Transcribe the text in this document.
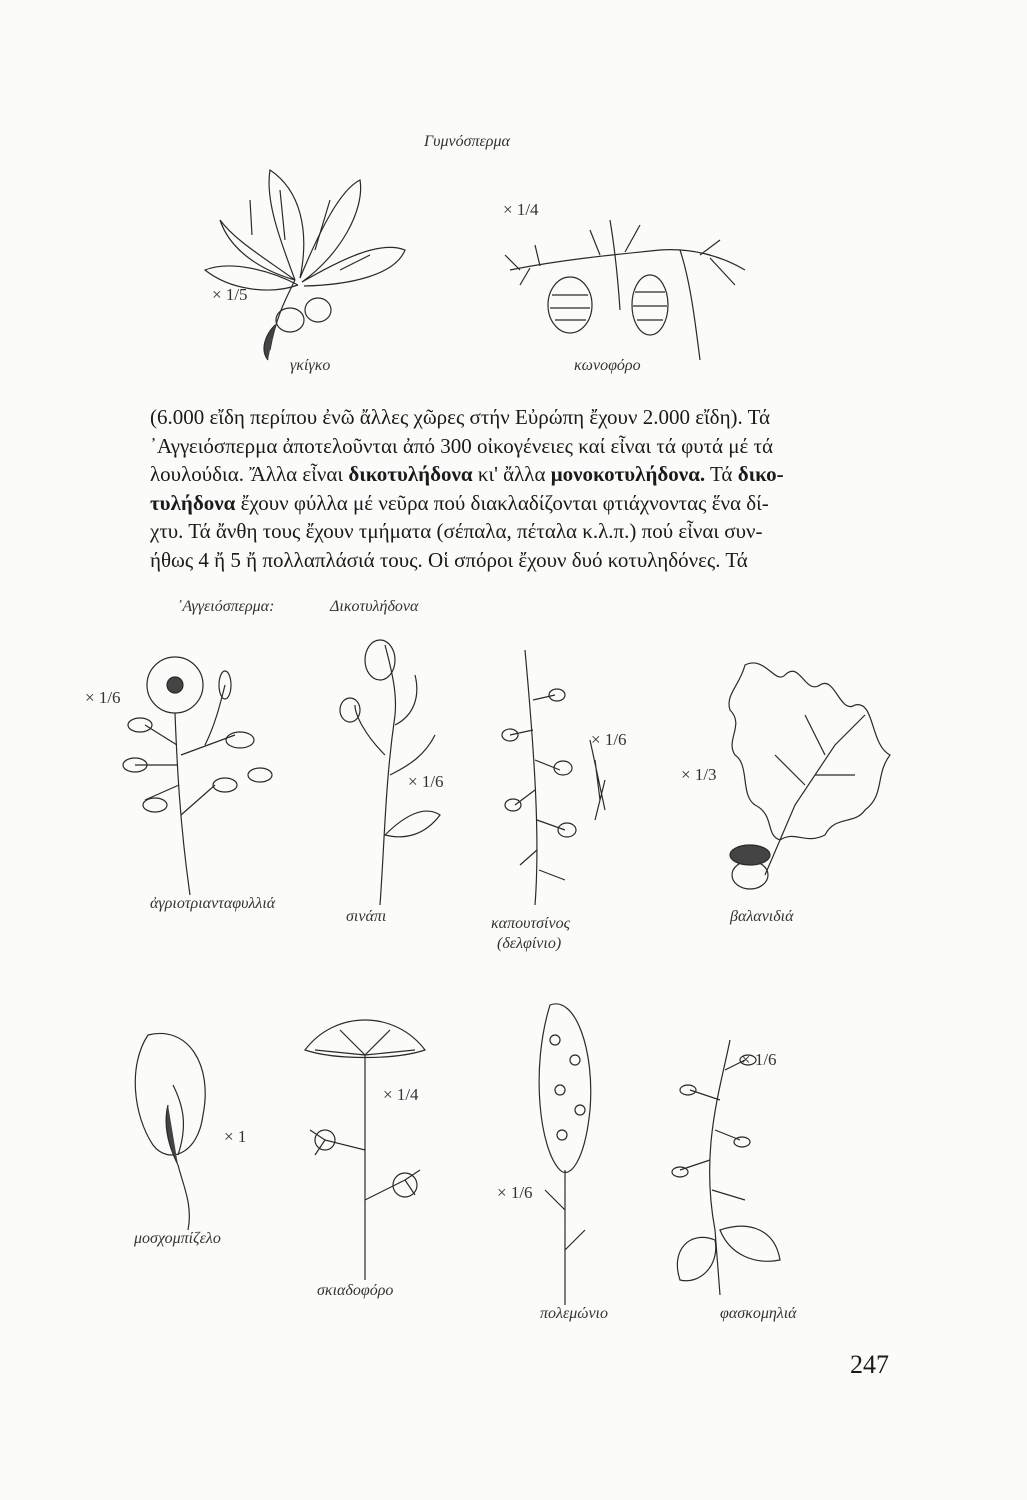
Γυμνόσπερμα
× 1/5
γκίγκο
× 1/4
κωνοφόρο
(6.000 εἴδη περίπου ἐνῶ ἄλλες χῶρες στήν Εὐρώπη ἔχουν 2.000 εἴδη). Τά
᾿Αγγειόσπερμα ἀποτελοῦνται ἀπό 300 οἰκογένειες καί εἶναι τά φυτά μέ τά
λουλούδια. Ἄλλα εἶναι δικοτυλήδονα κι' ἄλλα μονοκοτυλήδονα. Τά δικο-
τυλήδονα ἔχουν φύλλα μέ νεῦρα πού διακλαδίζονται φτιάχνοντας ἕνα δί-
χτυ. Τά ἄνθη τους ἔχουν τμήματα (σέπαλα, πέταλα κ.λ.π.) πού εἶναι συν-
ήθως 4 ἤ 5 ἤ πολλαπλάσιά τους. Οἱ σπόροι ἔχουν δυό κοτυληδόνες. Τά
᾿Αγγειόσπερμα:	Δικοτυλήδονα
× 1/6
ἀγριοτριανταφυλλιά
× 1/6
σινάπι
× 1/6
καπουτσίνος
(δελφίνιο)
× 1/3
βαλανιδιά
× 1
μοσχομπίζελο
× 1/4
σκιαδοφόρο
× 1/6
πολεμώνιο
× 1/6
φασκομηλιά
247
